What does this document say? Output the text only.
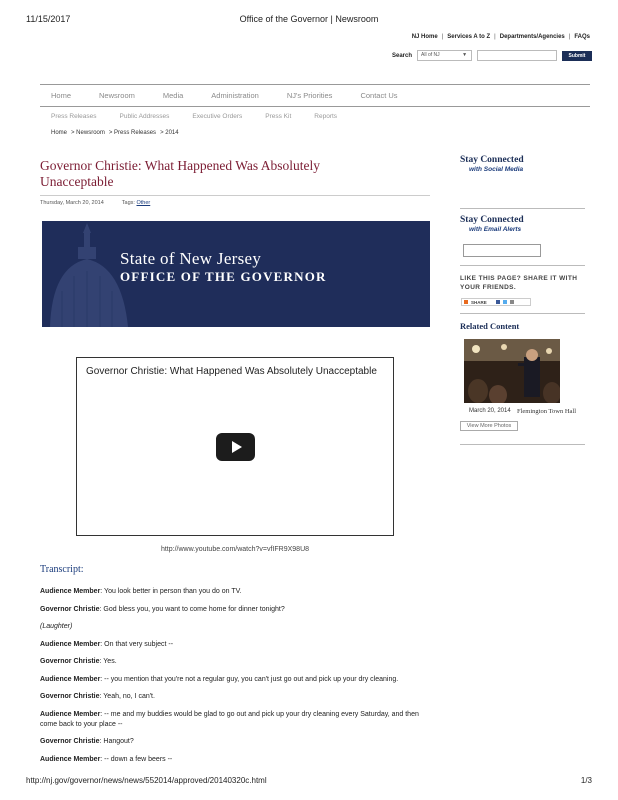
11/15/2017	Office of the Governor | Newsroom
NJ Home | Services A to Z | Departments/Agencies | FAQs
Search	All of NJ	▼	Submit
Home	Newsroom	Media	Administration	NJ's Priorities	Contact Us
Press Releases	Public Addresses	Executive Orders	Press Kit	Reports
Home > Newsroom > Press Releases > 2014
Governor Christie: What Happened Was Absolutely Unacceptable
Thursday, March 20, 2014	Tags: Other
State of New Jersey
OFFICE OF THE GOVERNOR
Governor Christie: What Happened Was Absolutely Unacceptable
http://www.youtube.com/watch?v=vfIFR9X98U8
Transcript:

Audience Member: You look better in person than you do on TV.

Governor Christie: God bless you, you want to come home for dinner tonight?

(Laughter)

Audience Member: On that very subject --

Governor Christie: Yes.

Audience Member: -- you mention that you're not a regular guy, you can't just go out and pick up your dry cleaning.

Governor Christie: Yeah, no, I can't.

Audience Member: -- me and my buddies would be glad to go out and pick up your dry cleaning every Saturday, and then come back to your place --

Governor Christie: Hangout?

Audience Member: -- down a few beers --

Stay Connected
with Social Media
Stay Connected
with Email Alerts
LIKE THIS PAGE? SHARE IT WITH YOUR FRIENDS.
SHARE
Related Content
March 20, 2014 Flemington Town Hall
View More Photos
http://nj.gov/governor/news/news/552014/approved/20140320c.html	1/3
